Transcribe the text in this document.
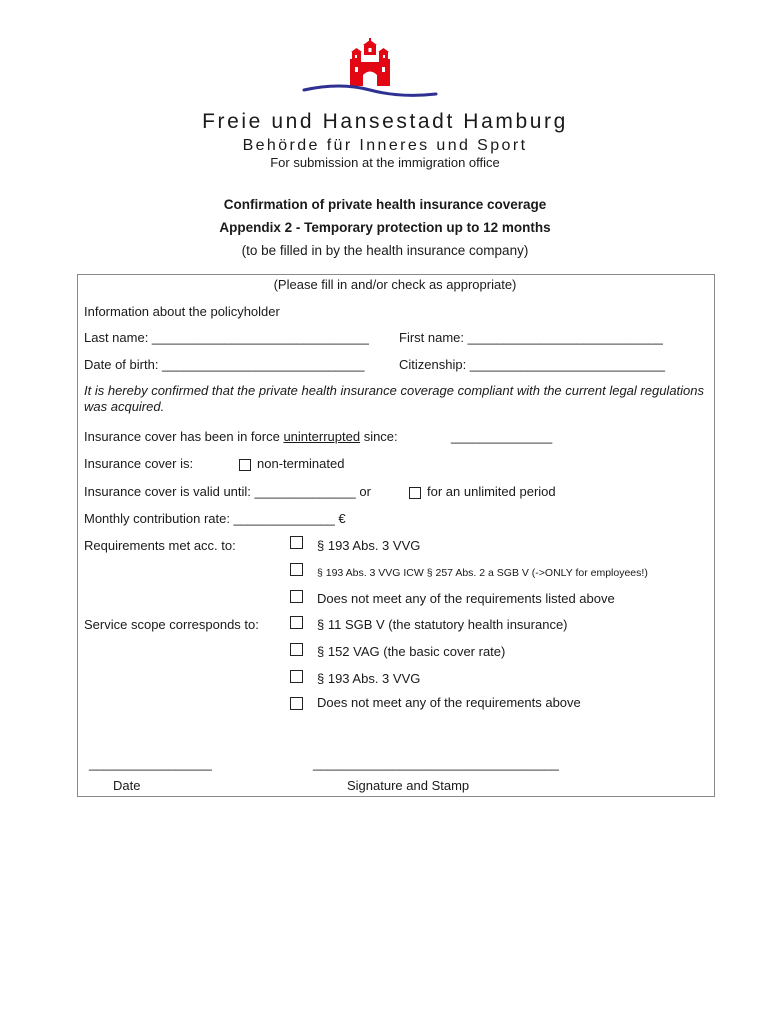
Freie und Hansestadt Hamburg
Behörde für Inneres und Sport
For submission at the immigration office
Confirmation of private health insurance coverage
Appendix 2 - Temporary protection up to 12 months
(to be filled in by the health insurance company)
(Please fill in and/or check as appropriate)
Information about the policyholder
Last name: ______________________________ First name: ___________________________
Date of birth: ____________________________	Citizenship: ___________________________
It is hereby confirmed that the private health insurance coverage compliant with the current legal regulations was acquired.
Insurance cover has been in force uninterrupted since:	______________
Insurance cover is:	non-terminated
Insurance cover is valid until: ______________ or	for an unlimited period
Monthly contribution rate: ______________ €
Requirements met acc. to:	§ 193 Abs. 3 VVG
§ 193 Abs. 3 VVG ICW § 257 Abs. 2 a SGB V (->ONLY for employees!)
Does not meet any of the requirements listed above
Service scope corresponds to:	§ 11 SGB V (the statutory health insurance)
§ 152 VAG (the basic cover rate)
§ 193 Abs. 3 VVG
Does not meet any of the requirements above
_________________	__________________________________
Date	Signature and Stamp
